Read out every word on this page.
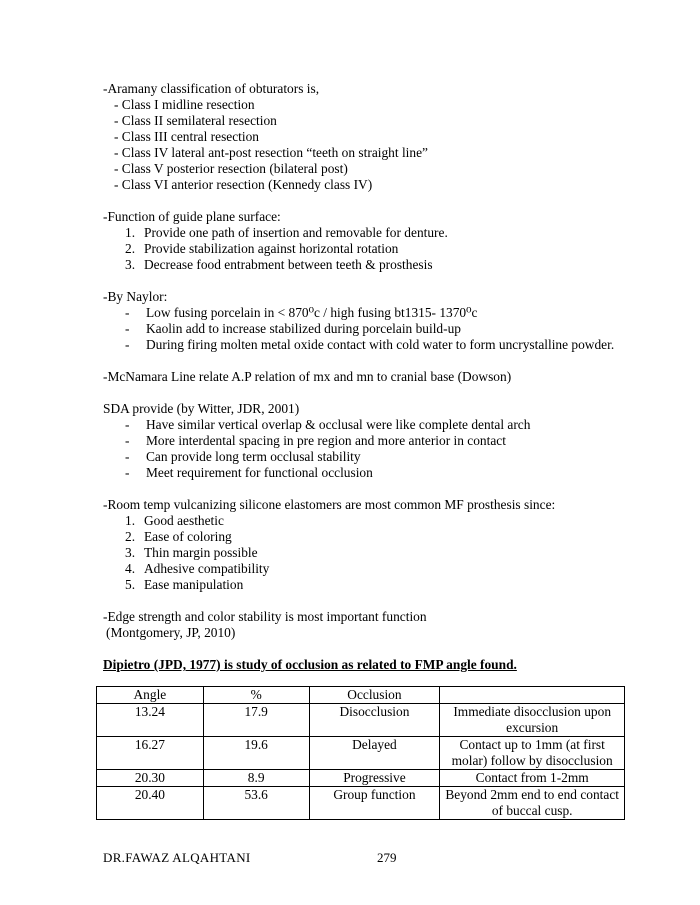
-Aramany classification of obturators is,

- Class I midline resection
- Class II semilateral resection
- Class III central resection
- Class IV lateral ant-post resection “teeth on straight line”
- Class V posterior resection (bilateral post)
- Class VI anterior resection (Kennedy class IV)

-Function of guide plane surface:

1. Provide one path of insertion and removable for denture.
2. Provide stabilization against horizontal rotation
3. Decrease food entrabment between teeth & prosthesis

-By Naylor:

- Low fusing porcelain in < 870⁰c / high fusing bt1315- 1370⁰c
- Kaolin add to increase stabilized during porcelain build-up
- During firing molten metal oxide contact with cold water to form uncrystalline powder.

-McNamara Line relate A.P relation of mx and mn to cranial base (Dowson)

SDA provide (by Witter, JDR, 2001)

- Have similar vertical overlap & occlusal were like complete dental arch
- More interdental spacing in pre region and more anterior in contact
- Can provide long term occlusal stability
- Meet requirement for functional occlusion

-Room temp vulcanizing silicone elastomers are most common MF prosthesis since:

1. Good aesthetic
2. Ease of coloring
3. Thin margin possible
4. Adhesive compatibility
5. Ease manipulation

-Edge strength and color stability is most important function

(Montgomery, JP, 2010)

Dipietro (JPD, 1977) is study of occlusion as related to FMP angle found.

Angle	%	Occlusion	
13.24	17.9	Disocclusion	Immediate disocclusion upon excursion
16.27	19.6	Delayed	Contact up to 1mm (at first molar) follow by disocclusion
20.30	8.9	Progressive	Contact from 1-2mm
20.40	53.6	Group function	Beyond 2mm end to end contact of buccal cusp.
DR.FAWAZ ALQAHTANI	279
